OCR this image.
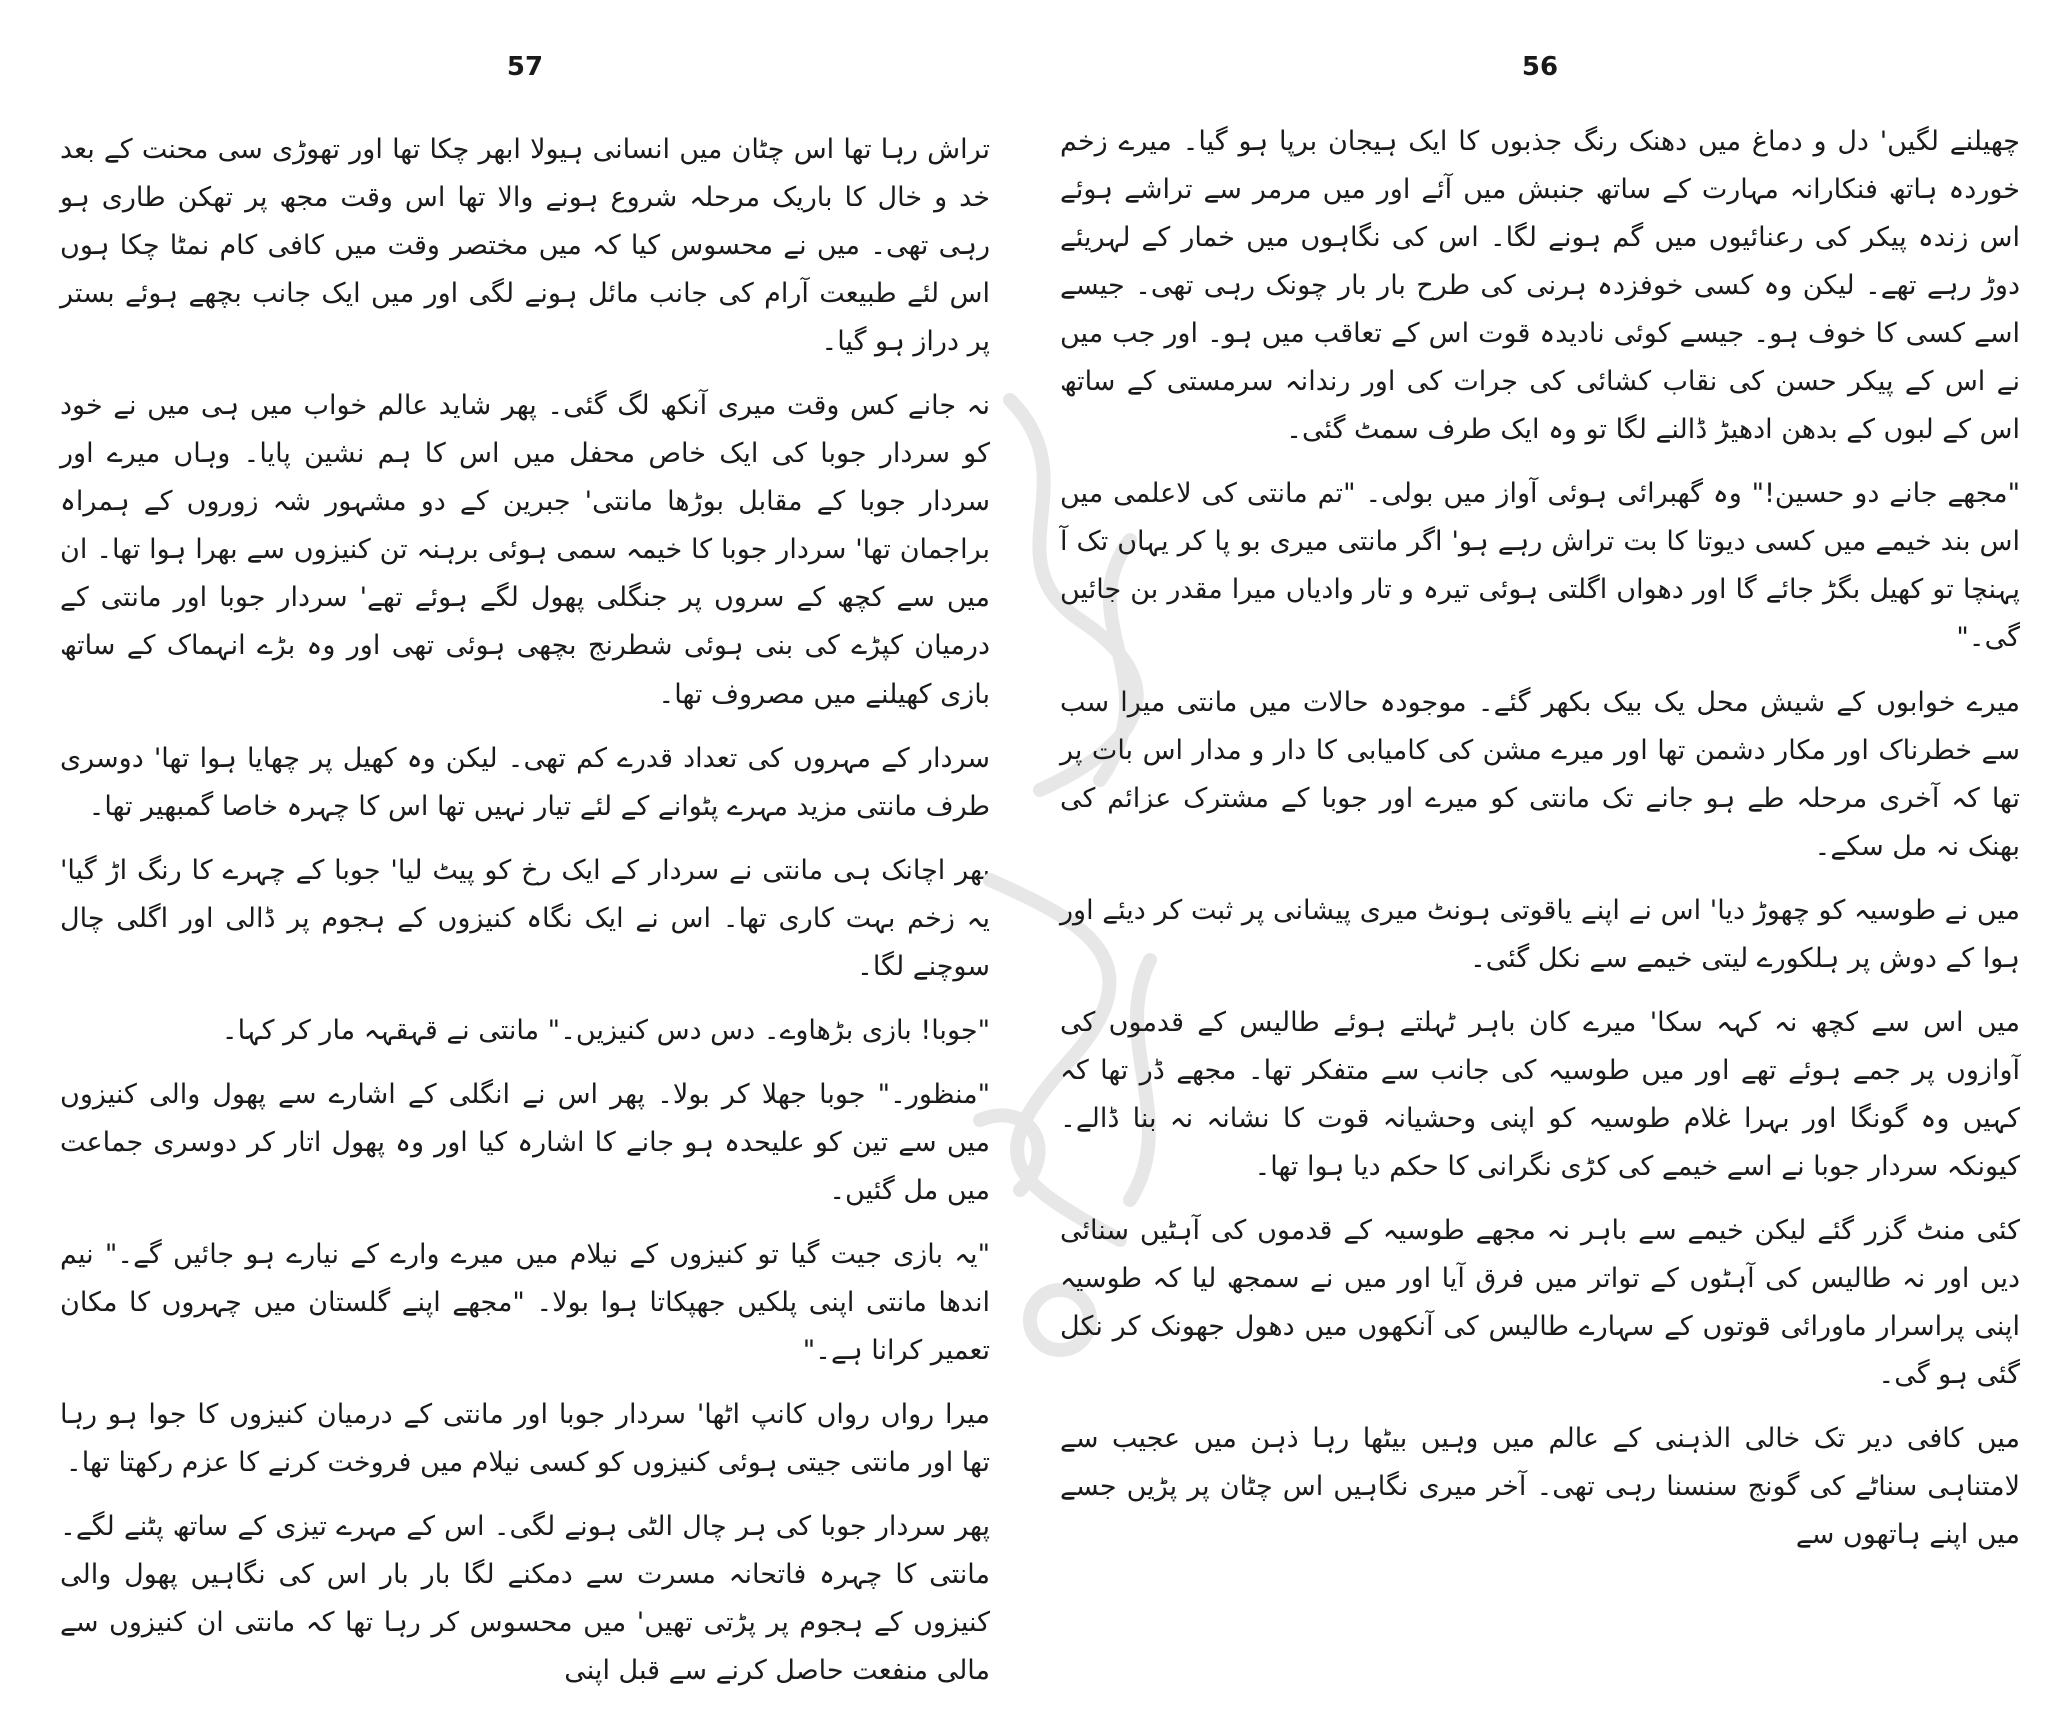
57

تراش رہا تھا اس چٹان میں انسانی ہیولا ابھر چکا تھا اور تھوڑی سی محنت کے بعد خد و خال کا باریک مرحلہ شروع ہونے والا تھا اس وقت مجھ پر تھکن طاری ہو رہی تھی۔ میں نے محسوس کیا کہ میں مختصر وقت میں کافی کام نمٹا چکا ہوں اس لئے طبیعت آرام کی جانب مائل ہونے لگی اور میں ایک جانب بچھے ہوئے بستر پر دراز ہو گیا۔

نہ جانے کس وقت میری آنکھ لگ گئی۔ پھر شاید عالم خواب میں ہی میں نے خود کو سردار جوبا کی ایک خاص محفل میں اس کا ہم نشین پایا۔ وہاں میرے اور سردار جوبا کے مقابل بوڑھا مانتی' جبرین کے دو مشہور شہ زوروں کے ہمراہ براجمان تھا' سردار جوبا کا خیمہ سمی ہوئی برہنہ تن کنیزوں سے بھرا ہوا تھا۔ ان میں سے کچھ کے سروں پر جنگلی پھول لگے ہوئے تھے' سردار جوبا اور مانتی کے درمیان کپڑے کی بنی ہوئی شطرنج بچھی ہوئی تھی اور وہ بڑے انہماک کے ساتھ بازی کھیلنے میں مصروف تھا۔

سردار کے مہروں کی تعداد قدرے کم تھی۔ لیکن وہ کھیل پر چھایا ہوا تھا' دوسری طرف مانتی مزید مہرے پٹوانے کے لئے تیار نہیں تھا اس کا چہرہ خاصا گمبھیر تھا۔

پھر اچانک ہی مانتی نے سردار کے ایک رخ کو پیٹ لیا' جوبا کے چہرے کا رنگ اڑ گیا' یہ زخم بہت کاری تھا۔ اس نے ایک نگاہ کنیزوں کے ہجوم پر ڈالی اور اگلی چال سوچنے لگا۔

"جوبا! بازی بڑھاوے۔ دس دس کنیزیں۔" مانتی نے قہقہہ مار کر کہا۔

"منظور۔" جوبا جھلا کر بولا۔ پھر اس نے انگلی کے اشارے سے پھول والی کنیزوں میں سے تین کو علیحدہ ہو جانے کا اشارہ کیا اور وہ پھول اتار کر دوسری جماعت میں مل گئیں۔

"یہ بازی جیت گیا تو کنیزوں کے نیلام میں میرے وارے کے نیارے ہو جائیں گے۔" نیم اندھا مانتی اپنی پلکیں جھپکاتا ہوا بولا۔ "مجھے اپنے گلستان میں چہروں کا مکان تعمیر کرانا ہے۔"

میرا رواں رواں کانپ اٹھا' سردار جوبا اور مانتی کے درمیان کنیزوں کا جوا ہو رہا تھا اور مانتی جیتی ہوئی کنیزوں کو کسی نیلام میں فروخت کرنے کا عزم رکھتا تھا۔

پھر سردار جوبا کی ہر چال الٹی ہونے لگی۔ اس کے مہرے تیزی کے ساتھ پٹنے لگے۔ مانتی کا چہرہ فاتحانہ مسرت سے دمکنے لگا بار بار اس کی نگاہیں پھول والی کنیزوں کے ہجوم پر پڑتی تھیں' میں محسوس کر رہا تھا کہ مانتی ان کنیزوں سے مالی منفعت حاصل کرنے سے قبل اپنی

56

چھیلنے لگیں' دل و دماغ میں دھنک رنگ جذبوں کا ایک ہیجان برپا ہو گیا۔ میرے زخم خوردہ ہاتھ فنکارانہ مہارت کے ساتھ جنبش میں آئے اور میں مرمر سے تراشے ہوئے اس زندہ پیکر کی رعنائیوں میں گم ہونے لگا۔ اس کی نگاہوں میں خمار کے لہریئے دوڑ رہے تھے۔ لیکن وہ کسی خوفزدہ ہرنی کی طرح بار بار چونک رہی تھی۔ جیسے اسے کسی کا خوف ہو۔ جیسے کوئی نادیدہ قوت اس کے تعاقب میں ہو۔ اور جب میں نے اس کے پیکر حسن کی نقاب کشائی کی جرات کی اور رندانہ سرمستی کے ساتھ اس کے لبوں کے بدھن ادھیڑ ڈالنے لگا تو وہ ایک طرف سمٹ گئی۔

"مجھے جانے دو حسین!" وہ گھبرائی ہوئی آواز میں بولی۔ "تم مانتی کی لاعلمی میں اس بند خیمے میں کسی دیوتا کا بت تراش رہے ہو' اگر مانتی میری بو پا کر یہاں تک آ پہنچا تو کھیل بگڑ جائے گا اور دھواں اگلتی ہوئی تیرہ و تار وادیاں میرا مقدر بن جائیں گی۔"

میرے خوابوں کے شیش محل یک بیک بکھر گئے۔ موجودہ حالات میں مانتی میرا سب سے خطرناک اور مکار دشمن تھا اور میرے مشن کی کامیابی کا دار و مدار اس بات پر تھا کہ آخری مرحلہ طے ہو جانے تک مانتی کو میرے اور جوبا کے مشترک عزائم کی بھنک نہ مل سکے۔

میں نے طوسیہ کو چھوڑ دیا' اس نے اپنے یاقوتی ہونٹ میری پیشانی پر ثبت کر دیئے اور ہوا کے دوش پر ہلکورے لیتی خیمے سے نکل گئی۔

میں اس سے کچھ نہ کہہ سکا' میرے کان باہر ٹہلتے ہوئے طالیس کے قدموں کی آوازوں پر جمے ہوئے تھے اور میں طوسیہ کی جانب سے متفکر تھا۔ مجھے ڈر تھا کہ کہیں وہ گونگا اور بہرا غلام طوسیہ کو اپنی وحشیانہ قوت کا نشانہ نہ بنا ڈالے۔ کیونکہ سردار جوبا نے اسے خیمے کی کڑی نگرانی کا حکم دیا ہوا تھا۔

کئی منٹ گزر گئے لیکن خیمے سے باہر نہ مجھے طوسیہ کے قدموں کی آہٹیں سنائی دیں اور نہ طالیس کی آہٹوں کے تواتر میں فرق آیا اور میں نے سمجھ لیا کہ طوسیہ اپنی پراسرار ماورائی قوتوں کے سہارے طالیس کی آنکھوں میں دھول جھونک کر نکل گئی ہو گی۔

میں کافی دیر تک خالی الذہنی کے عالم میں وہیں بیٹھا رہا ذہن میں عجیب سے لامتناہی سناٹے کی گونج سنسنا رہی تھی۔ آخر میری نگاہیں اس چٹان پر پڑیں جسے میں اپنے ہاتھوں سے
